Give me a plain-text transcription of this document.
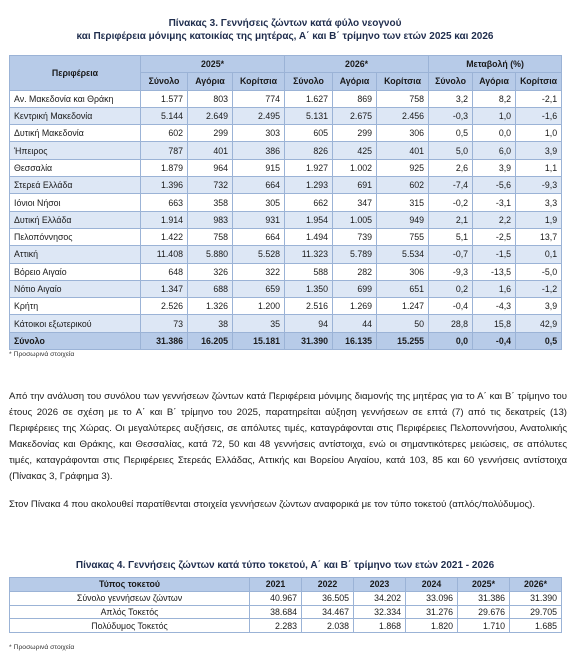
Πίνακας 3. Γεννήσεις ζώντων κατά φύλο νεογνού
και Περιφέρεια μόνιμης κατοικίας της μητέρας, Α΄ και Β΄ τρίμηνο των ετών 2025 και 2026
Περιφέρεια	2025*			2026*			Μεταβολή (%)		
	Σύνολο	Αγόρια	Κορίτσια	Σύνολο	Αγόρια	Κορίτσια	Σύνολο	Αγόρια	Κορίτσια
Αν. Μακεδονία και Θράκη	1.577	803	774	1.627	869	758	3,2	8,2	-2,1
Κεντρική Μακεδονία	5.144	2.649	2.495	5.131	2.675	2.456	-0,3	1,0	-1,6
Δυτική Μακεδονία	602	299	303	605	299	306	0,5	0,0	1,0
Ήπειρος	787	401	386	826	425	401	5,0	6,0	3,9
Θεσσαλία	1.879	964	915	1.927	1.002	925	2,6	3,9	1,1
Στερεά Ελλάδα	1.396	732	664	1.293	691	602	-7,4	-5,6	-9,3
Ιόνιοι Νήσοι	663	358	305	662	347	315	-0,2	-3,1	3,3
Δυτική Ελλάδα	1.914	983	931	1.954	1.005	949	2,1	2,2	1,9
Πελοπόννησος	1.422	758	664	1.494	739	755	5,1	-2,5	13,7
Αττική	11.408	5.880	5.528	11.323	5.789	5.534	-0,7	-1,5	0,1
Βόρειο Αιγαίο	648	326	322	588	282	306	-9,3	-13,5	-5,0
Νότιο Αιγαίο	1.347	688	659	1.350	699	651	0,2	1,6	-1,2
Κρήτη	2.526	1.326	1.200	2.516	1.269	1.247	-0,4	-4,3	3,9
Κάτοικοι εξωτερικού	73	38	35	94	44	50	28,8	15,8	42,9
Σύνολο	31.386	16.205	15.181	31.390	16.135	15.255	0,0	-0,4	0,5
* Προσωρινά στοιχεία
Από την ανάλυση του συνόλου των γεννήσεων ζώντων κατά Περιφέρεια μόνιμης διαμονής της μητέρας για το Α΄ και Β΄ τρίμηνο του έτους 2026 σε σχέση με το Α΄ και Β΄ τρίμηνο του 2025, παρατηρείται αύξηση γεννήσεων σε επτά (7) από τις δεκατρείς (13) Περιφέρειες της Χώρας. Οι μεγαλύτερες αυξήσεις, σε απόλυτες τιμές, καταγράφονται στις Περιφέρειες Πελοποννήσου, Ανατολικής Μακεδονίας και Θράκης, και Θεσσαλίας, κατά 72, 50 και 48 γεννήσεις αντίστοιχα, ενώ οι σημαντικότερες μειώσεις, σε απόλυτες τιμές, καταγράφονται στις Περιφέρειες Στερεάς Ελλάδας, Αττικής και Βορείου Αιγαίου, κατά 103, 85 και 60 γεννήσεις αντίστοιχα (Πίνακας 3, Γράφημα 3).
Στον Πίνακα 4 που ακολουθεί παρατίθενται στοιχεία γεννήσεων ζώντων αναφορικά με τον τύπο τοκετού (απλός/πολύδυμος).
Πίνακας 4. Γεννήσεις ζώντων κατά τύπο τοκετού, Α΄ και Β΄ τρίμηνο των ετών 2021 - 2026
Τύπος τοκετού	2021	2022	2023	2024	2025*	2026*
Σύνολο γεννήσεων ζώντων	40.967	36.505	34.202	33.096	31.386	31.390
Απλός Τοκετός	38.684	34.467	32.334	31.276	29.676	29.705
Πολύδυμος Τοκετός	2.283	2.038	1.868	1.820	1.710	1.685
* Προσωρινά στοιχεία
